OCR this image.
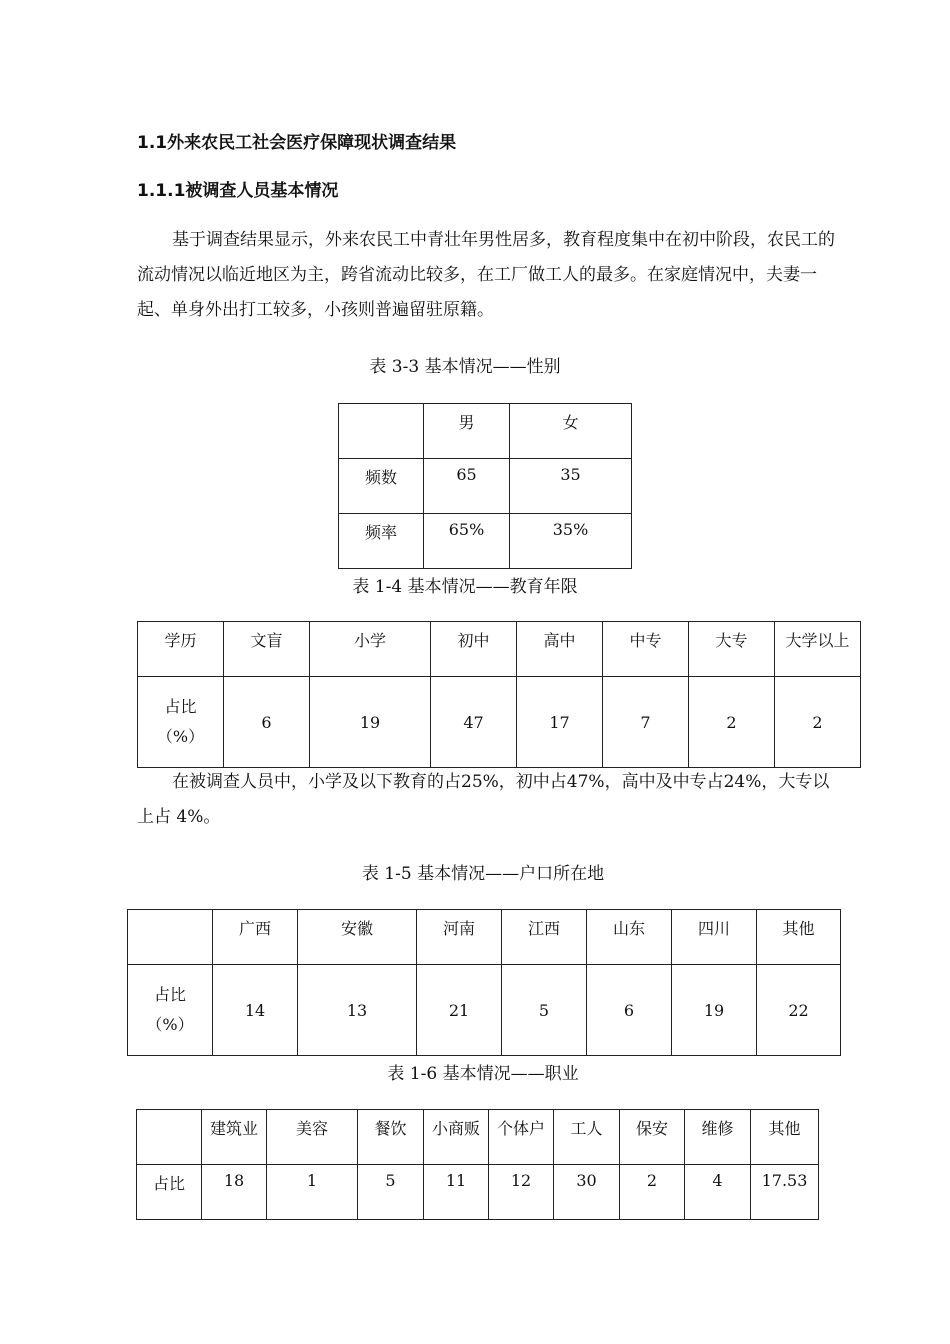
1.1外来农民工社会医疗保障现状调查结果
1.1.1被调查人员基本情况
基于调查结果显示，外来农民工中青壮年男性居多，教育程度集中在初中阶段，农民工的流动情况以临近地区为主，跨省流动比较多，在工厂做工人的最多。在家庭情况中，夫妻一起、单身外出打工较多，小孩则普遍留驻原籍。
表 3-3 基本情况——性别
	男	女
频数	65	35
频率	65%	35%
表 1-4 基本情况——教育年限
学历	文盲	小学	初中	高中	中专	大专	大学以上
占比
（%）	6	19	47	17	7	2	2
在被调查人员中，小学及以下教育的占25%，初中占47%，高中及中专占24%，大专以上占 4%。
表 1-5 基本情况——户口所在地
	广西	安徽	河南	江西	山东	四川	其他
占比
（%）	14	13	21	5	6	19	22
表 1-6 基本情况——职业
	建筑业	美容	餐饮	小商贩	个体户	工人	保安	维修	其他
占比	18	1	5	11	12	30	2	4	17.53
